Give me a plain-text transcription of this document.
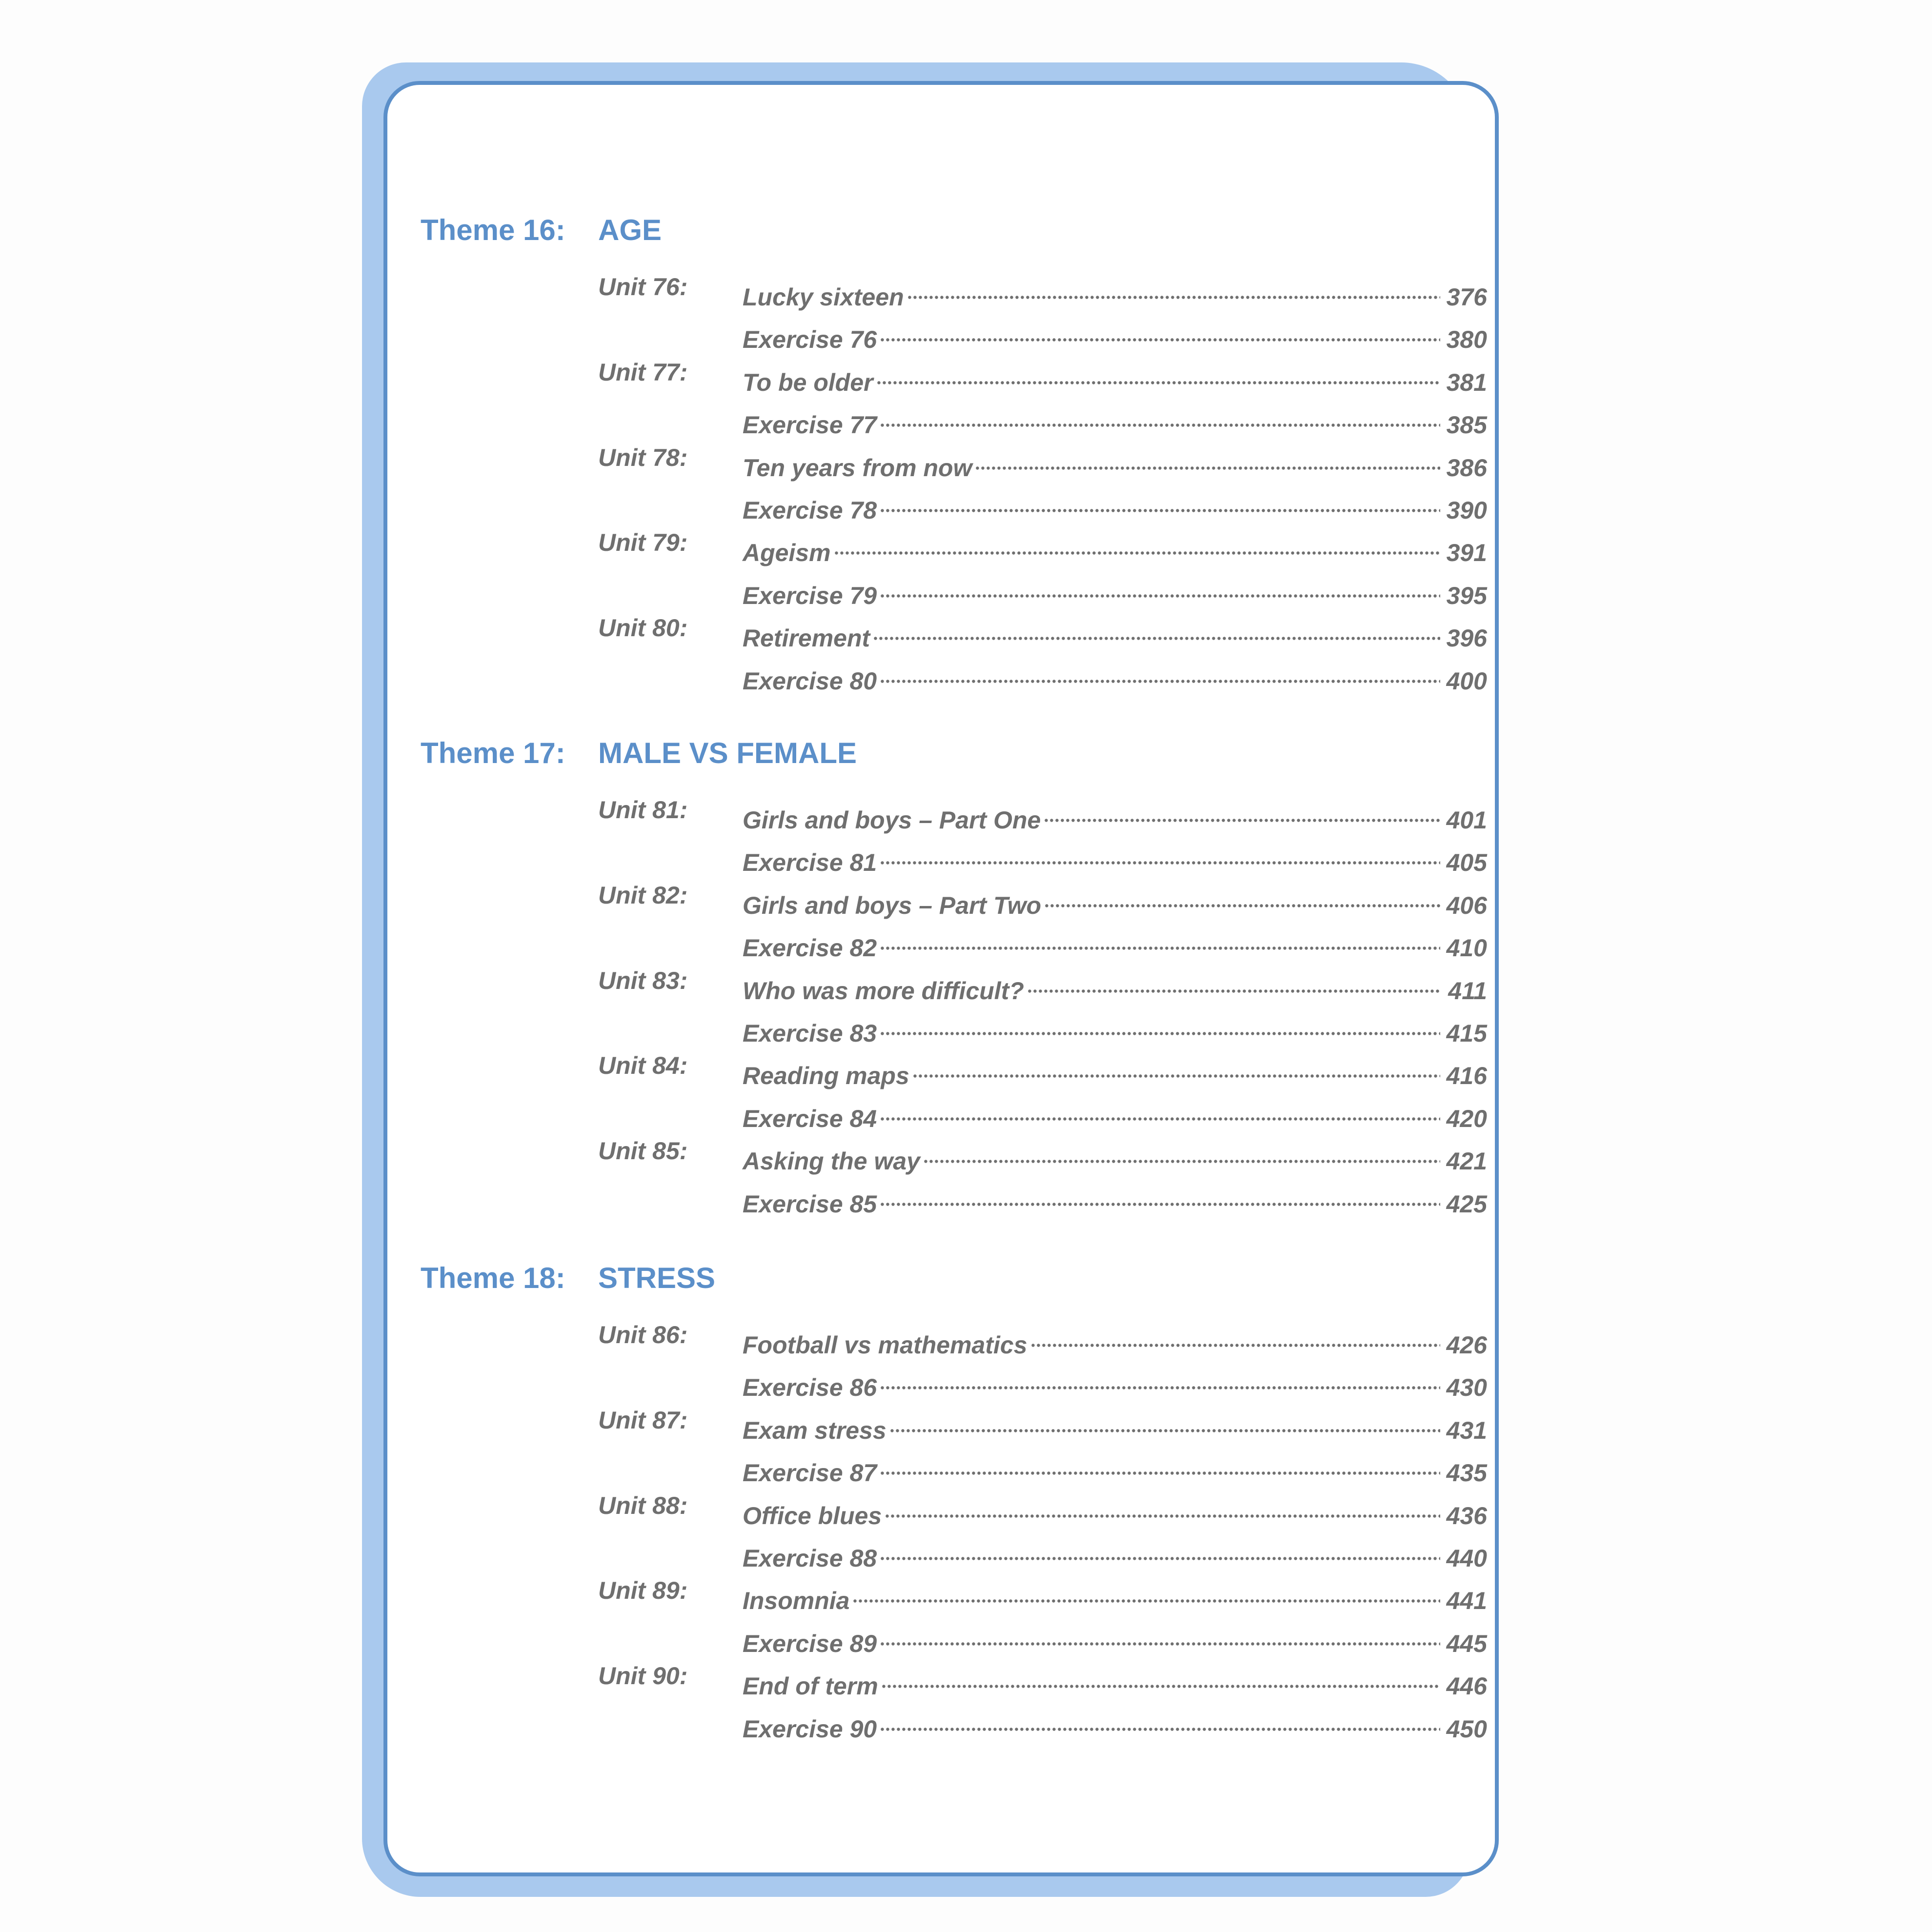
Theme 16: AGE
Unit 76: Lucky sixteen	376
Exercise 76	380
Unit 77: To be older	381
Exercise 77	385
Unit 78: Ten years from now	386
Exercise 78	390
Unit 79: Ageism	391
Exercise 79	395
Unit 80: Retirement	396
Exercise 80	400
Theme 17: MALE VS FEMALE
Unit 81: Girls and boys – Part One	401
Exercise 81	405
Unit 82: Girls and boys – Part Two	406
Exercise 82	410
Unit 83: Who was more difficult?	411
Exercise 83	415
Unit 84: Reading maps	416
Exercise 84	420
Unit 85: Asking the way	421
Exercise 85	425
Theme 18: STRESS
Unit 86: Football vs mathematics	426
Exercise 86	430
Unit 87: Exam stress	431
Exercise 87	435
Unit 88: Office blues	436
Exercise 88	440
Unit 89: Insomnia	441
Exercise 89	445
Unit 90: End of term	446
Exercise 90	450
